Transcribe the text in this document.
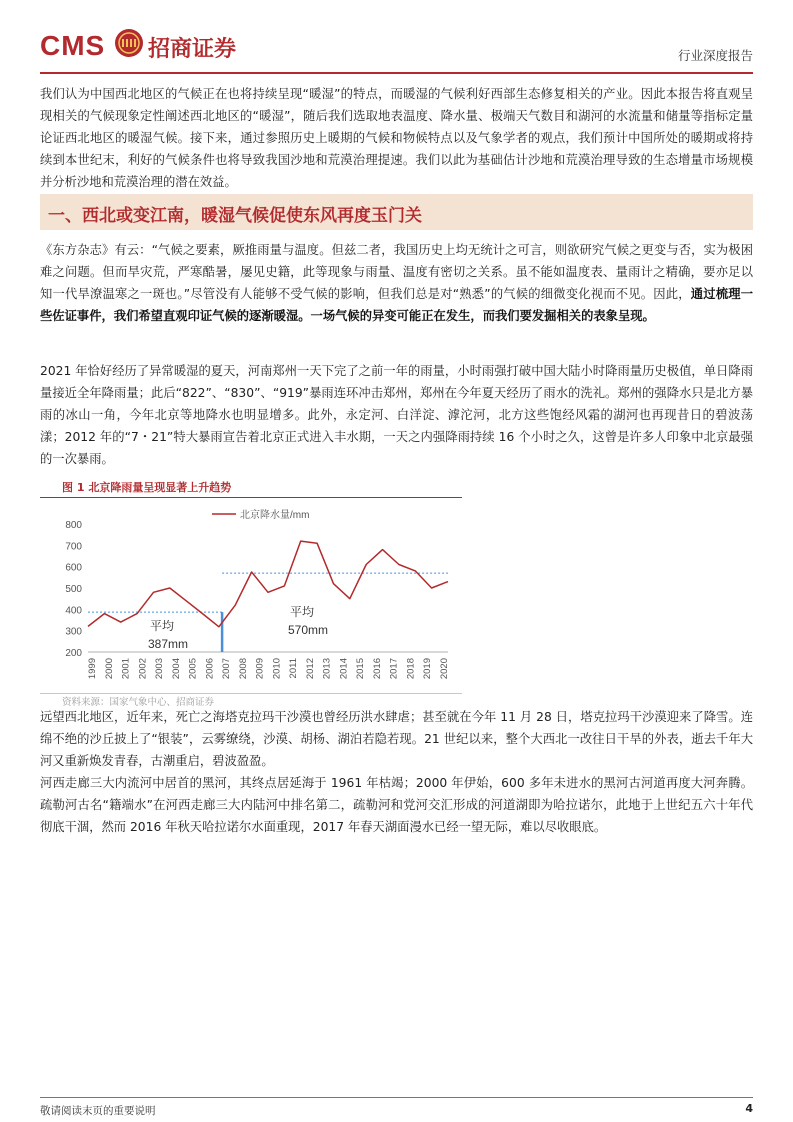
CMS 招商证券	行业深度报告

我们认为中国西北地区的气候正在也将持续呈现“暖湿”的特点，而暖湿的气候利好西部生态修复相关的产业。因此本报告将直观呈现相关的气候现象定性阐述西北地区的“暖湿”，随后我们选取地表温度、降水量、极端天气数目和湖河的水流量和储量等指标定量论证西北地区的暖湿气候。接下来，通过参照历史上暖期的气候和物候特点以及气象学者的观点，我们预计中国所处的暖期或将持续到本世纪末，利好的气候条件也将导致我国沙地和荒漠治理提速。我们以此为基础估计沙地和荒漠治理导致的生态增量市场规模并分析沙地和荒漠治理的潜在效益。

一、西北或变江南，暖湿气候促使东风再度玉门关

《东方杂志》有云：“气候之要素，厥推雨量与温度。但兹二者，我国历史上均无统计之可言，则欲研究气候之更变与否，实为极困难之问题。但而旱灾荒，严寒酷暑，屡见史籍，此等现象与雨量、温度有密切之关系。虽不能如温度表、量雨计之精确，要亦足以知一代旱潦温寒之一斑也。”尽管没有人能够不受气候的影响，但我们总是对“熟悉”的气候的细微变化视而不见。因此，通过梳理一些佐证事件，我们希望直观印证气候的逐渐暖湿。一场气候的异变可能正在发生，而我们要发掘相关的表象呈现。

2021 年恰好经历了异常暖湿的夏天，河南郑州一天下完了之前一年的雨量，小时雨强打破中国大陆小时降雨量历史极值，单日降雨量接近全年降雨量；此后“822”、“830”、“919”暴雨连环冲击郑州，郑州在今年夏天经历了雨水的洗礼。郑州的强降水只是北方暴雨的冰山一角，今年北京等地降水也明显增多。此外，永定河、白洋淀、滹沱河，北方这些饱经风霜的湖河也再现昔日的碧波荡漾；2012 年的“7・21”特大暴雨宣告着北京正式进入丰水期，一天之内强降雨持续 16 个小时之久，这曾是许多人印象中北京最强的一次暴雨。

图 1 北京降雨量呈现显著上升趋势
200
300
400
500
600
700
800
1999 2000 2001 2002 2003 2004 2005 2006 2007 2008 2009 2010 2011 2012 2013 2014 2015 2016 2017 2018 2019 2020
北京降水量/mm
平均
387mm
平均
570mm
资料来源：国家气象中心、招商证券

远望西北地区，近年来，死亡之海塔克拉玛干沙漠也曾经历洪水肆虐；甚至就在今年 11 月 28 日，塔克拉玛干沙漠迎来了降雪。连绵不绝的沙丘披上了“银装”，云雾缭绕，沙漠、胡杨、湖泊若隐若现。21 世纪以来，整个大西北一改往日干旱的外表，逝去千年大河又重新焕发青春，古潮重启，碧波盈盈。

河西走廊三大内流河中居首的黑河，其终点居延海于 1961 年枯竭；2000 年伊始，600 多年未进水的黑河古河道再度大河奔腾。疏勒河古名“籍端水”在河西走廊三大内陆河中排名第二，疏勒河和党河交汇形成的河道湖即为哈拉诺尔，此地于上世纪五六十年代彻底干涸，然而 2016 年秋天哈拉诺尔水面重现，2017 年春天湖面漫水已经一望无际，难以尽收眼底。

敬请阅读末页的重要说明	4
